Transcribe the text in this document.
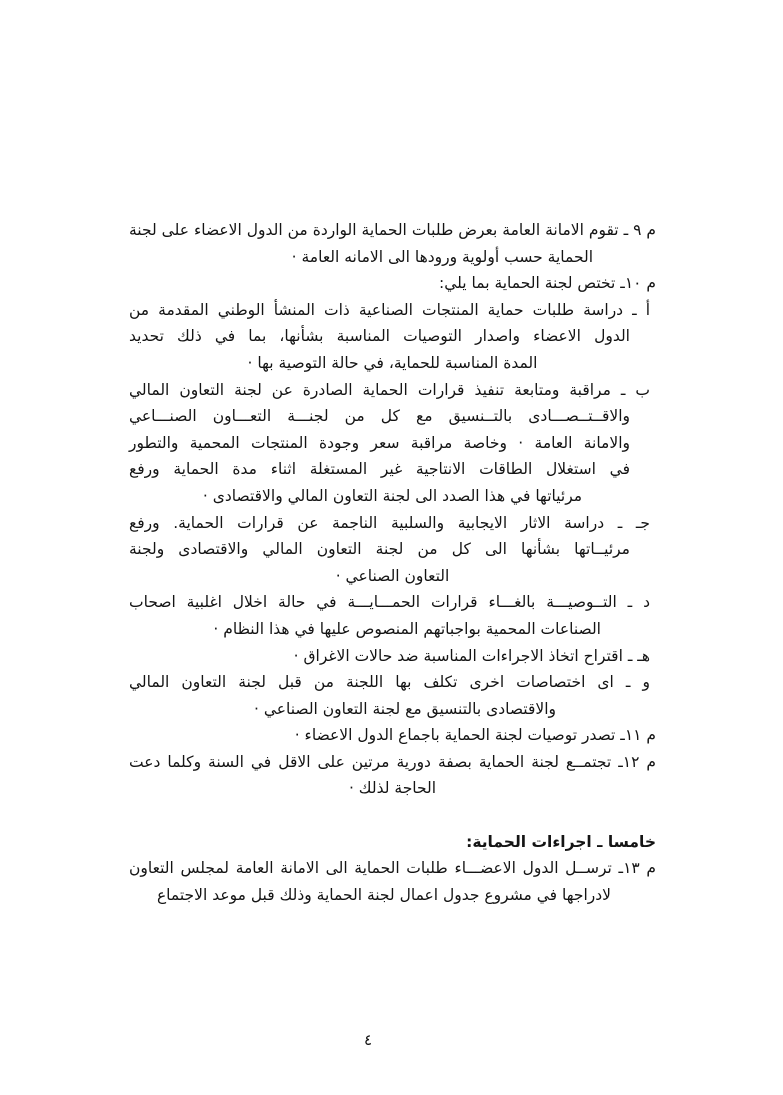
م ٩ ـ تقوم الامانة العامة بعرض طلبات الحماية الواردة من الدول الاعضاء على لجنة
الحماية حسب أولوية ورودها الى الامانه العامة ·
م ١٠ـ تختص لجنة الحماية بما يلي:
أ ـ دراسة طلبات حماية المنتجات الصناعية ذات المنشأ الوطني المقدمة من
الدول الاعضاء واصدار التوصيات المناسبة بشأنها، بما في ذلك تحديد
المدة المناسبة للحماية، في حالة التوصية بها ·
ب ـ مراقبة ومتابعة تنفيذ قرارات الحماية الصادرة عن لجنة التعاون المالي
والاقــتــصـــادى بالتــنسيق مع كل من لجنـــة التعـــاون الصنـــاعي
والامانة العامة · وخاصة مراقبة سعر وجودة المنتجات المحمية والتطور
في استغلال الطاقات الانتاجية غير المستغلة اثناء مدة الحماية ورفع
مرئياتها في هذا الصدد الى لجنة التعاون المالي والاقتصادى ·
جـ ـ دراسة الاثار الايجابية والسلبية الناجمة عن قرارات الحماية. ورفع
مرئيــاتها بشأنها الى كل من لجنة التعاون المالي والاقتصادى ولجنة
التعاون الصناعي ·
د ـ التــوصيـــة بالغـــاء قرارات الحمـــايـــة في حالة اخلال اغلبية اصحاب
الصناعات المحمية بواجباتهم المنصوص عليها في هذا النظام ·
هـ ـ اقتراح اتخاذ الاجراءات المناسبة ضد حالات الاغراق ·
و ـ اى اختصاصات اخرى تكلف بها اللجنة من قبل لجنة التعاون المالي
والاقتصادى بالتنسيق مع لجنة التعاون الصناعي ·
م ١١ـ تصدر توصيات لجنة الحماية باجماع الدول الاعضاء ·
م ١٢ـ تجتمــع لجنة الحماية بصفة دورية مرتين على الاقل في السنة وكلما دعت
الحاجة لذلك ·
خامسا ـ اجراءات الحماية:
م ١٣ـ ترســل الدول الاعضـــاء طلبات الحماية الى الامانة العامة لمجلس التعاون
لادراجها في مشروع جدول اعمال لجنة الحماية وذلك قبل موعد الاجتماع
٤
